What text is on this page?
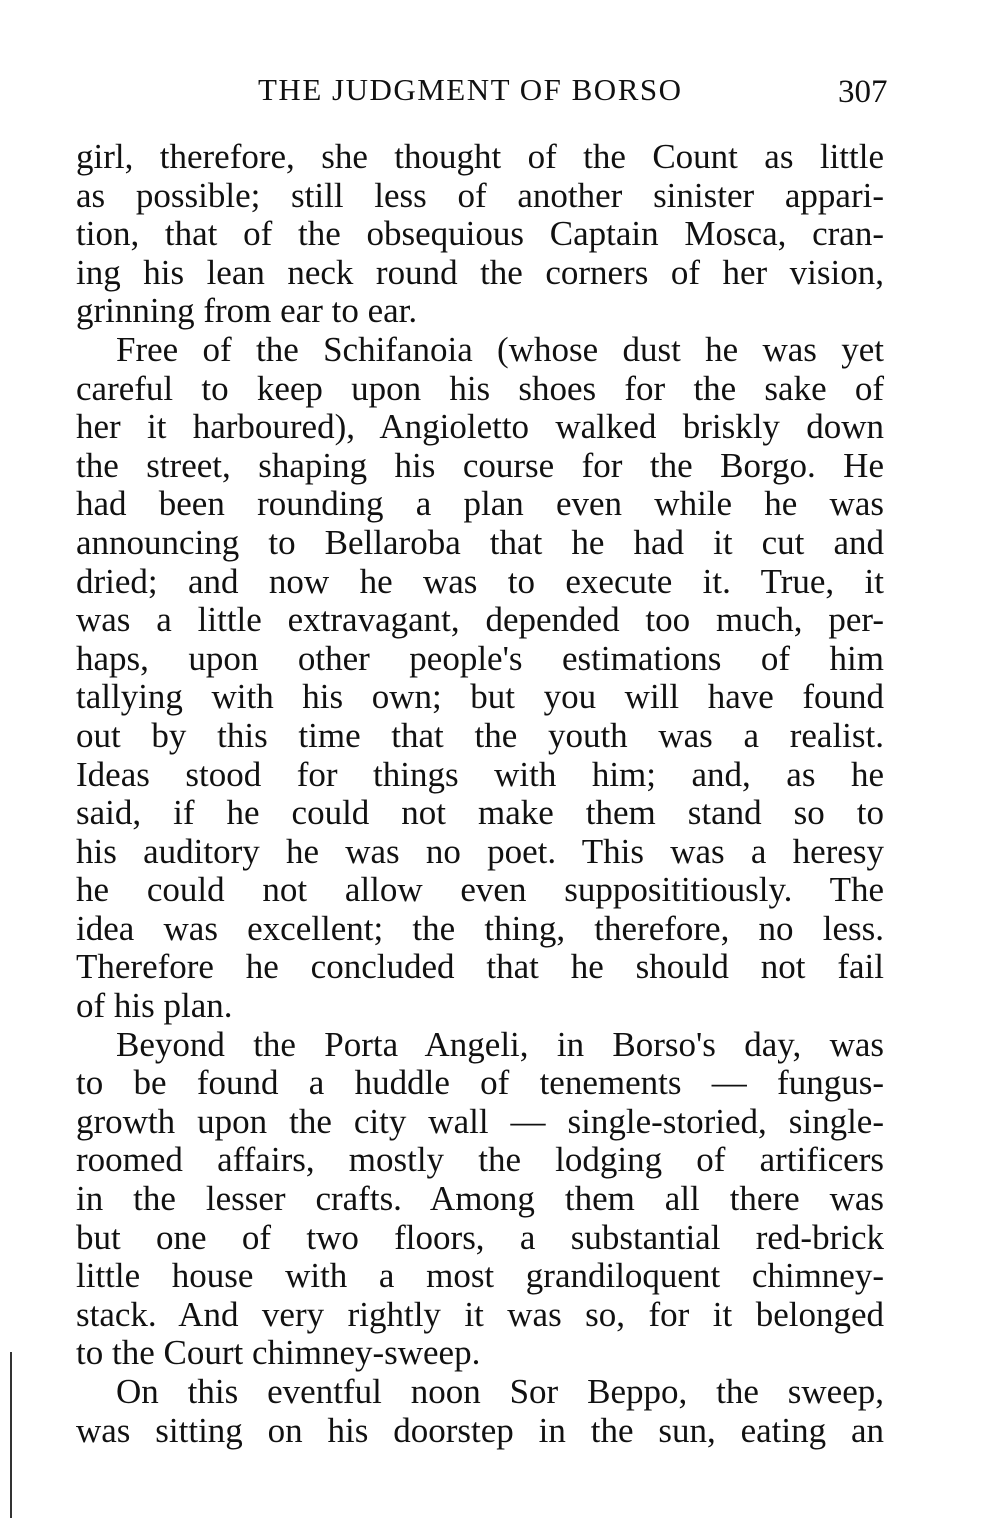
THE JUDGMENT OF BORSO	307
girl, therefore, she thought of the Count as little
as possible; still less of another sinister appari-
tion, that of the obsequious Captain Mosca, cran-
ing his lean neck round the corners of her vision,
grinning from ear to ear.
Free of the Schifanoia (whose dust he was yet
careful to keep upon his shoes for the sake of
her it harboured), Angioletto walked briskly down
the street, shaping his course for the Borgo. He
had been rounding a plan even while he was
announcing to Bellaroba that he had it cut and
dried; and now he was to execute it. True, it
was a little extravagant, depended too much, per-
haps, upon other people's estimations of him
tallying with his own; but you will have found
out by this time that the youth was a realist.
Ideas stood for things with him; and, as he
said, if he could not make them stand so to
his auditory he was no poet. This was a heresy
he could not allow even supposititiously. The
idea was excellent; the thing, therefore, no less.
Therefore he concluded that he should not fail
of his plan.
Beyond the Porta Angeli, in Borso's day, was
to be found a huddle of tenements — fungus-
growth upon the city wall — single-storied, single-
roomed affairs, mostly the lodging of artificers
in the lesser crafts. Among them all there was
but one of two floors, a substantial red-brick
little house with a most grandiloquent chimney-
stack. And very rightly it was so, for it belonged
to the Court chimney-sweep.
On this eventful noon Sor Beppo, the sweep,
was sitting on his doorstep in the sun, eating an
